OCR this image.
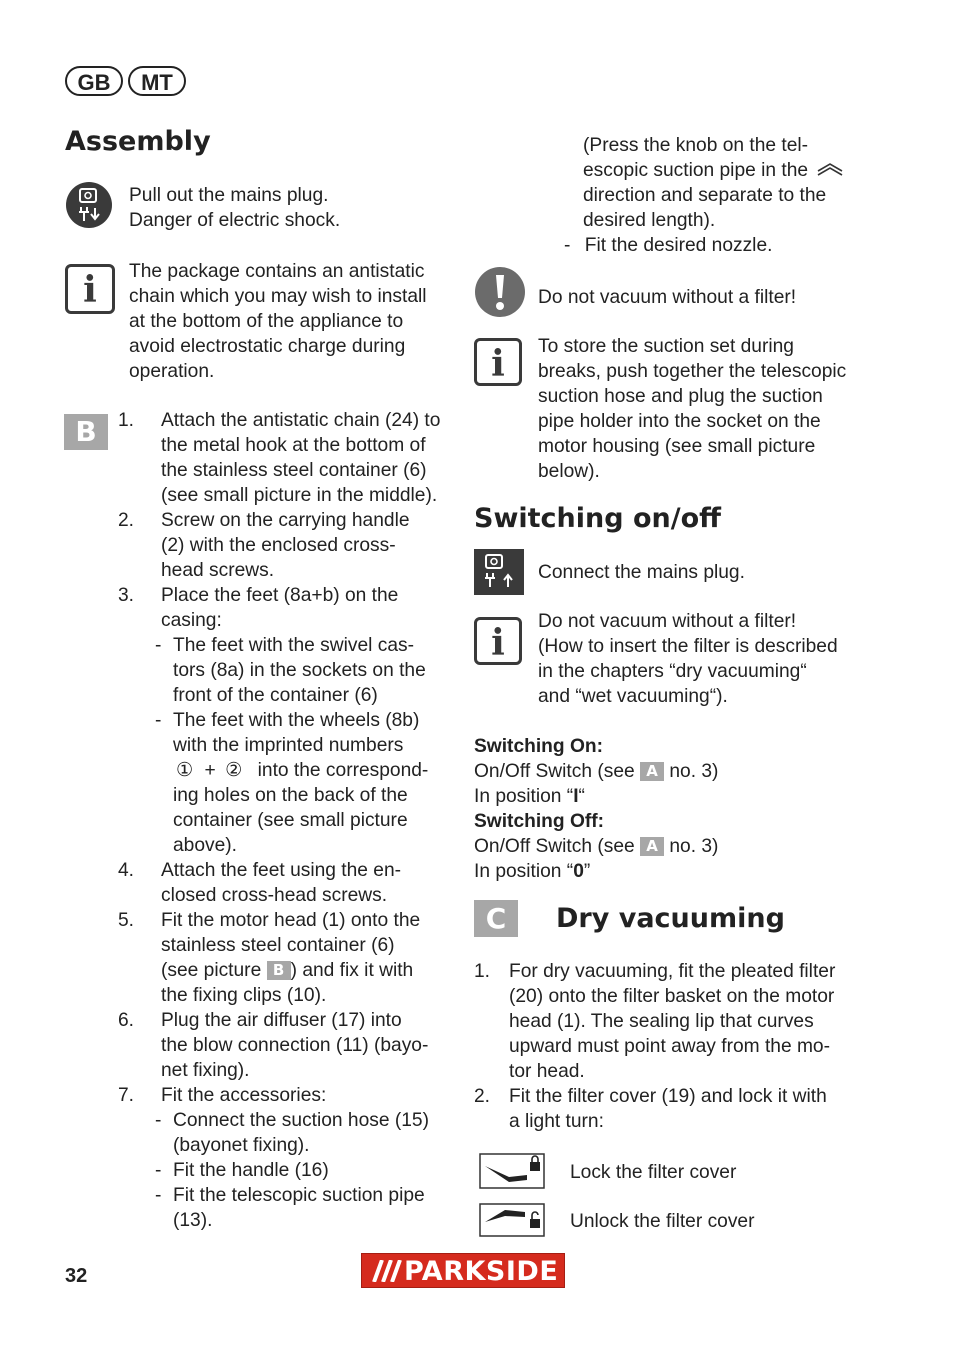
GB	MT
Assembly
Pull out the mains plug.
Danger of electric shock.
i	The package contains an antistatic
chain which you may wish to install
at the bottom of the appliance to
avoid electrostatic charge during
operation.
B	1. Attach the antistatic chain (24) to
the metal hook at the bottom of
the stainless steel container (6)
(see small picture in the middle).
2. Screw on the carrying handle
(2) with the enclosed cross-
head screws.
3. Place the feet (8a+b) on the
casing:
- The feet with the swivel cas-
tors (8a) in the sockets on the
front of the container (6)
- The feet with the wheels (8b)
with the imprinted numbers
① + ② into the correspond-
ing holes on the back of the
container (see small picture
above).
4. Attach the feet using the en-
closed cross-head screws.
5. Fit the motor head (1) onto the
stainless steel container (6)
(see picture B ) and fix it with
the fixing clips (10).
6. Plug the air diffuser (17) into
the blow connection (11) (bayo-
net fixing).
7. Fit the accessories:
- Connect the suction hose (15)
(bayonet fixing).
- Fit the handle (16)
- Fit the telescopic suction pipe
(13).
(Press the knob on the tel-
escopic suction pipe in the
direction and separate to the
desired length).
- Fit the desired nozzle.
Do not vacuum without a filter!
i	To store the suction set during
breaks, push together the telescopic
suction hose and plug the suction
pipe holder into the socket on the
motor housing (see small picture
below).
Switching on/off
Connect the mains plug.
i
Do not vacuum without a filter!
(How to insert the filter is described
in the chapters “dry vacuuming“
and “wet vacuuming“).
Switching On:
On/Off Switch (see A no. 3)
In position “I“
Switching Off:
On/Off Switch (see A no. 3)
In position “0”
C	Dry vacuuming
1. For dry vacuuming, fit the pleated filter
(20) onto the filter basket on the motor
head (1). The sealing lip that curves
upward must point away from the mo-
tor head.
2. Fit the filter cover (19) and lock it with
a light turn:
Lock the filter cover
Unlock the filter cover
32	PARKSIDE
